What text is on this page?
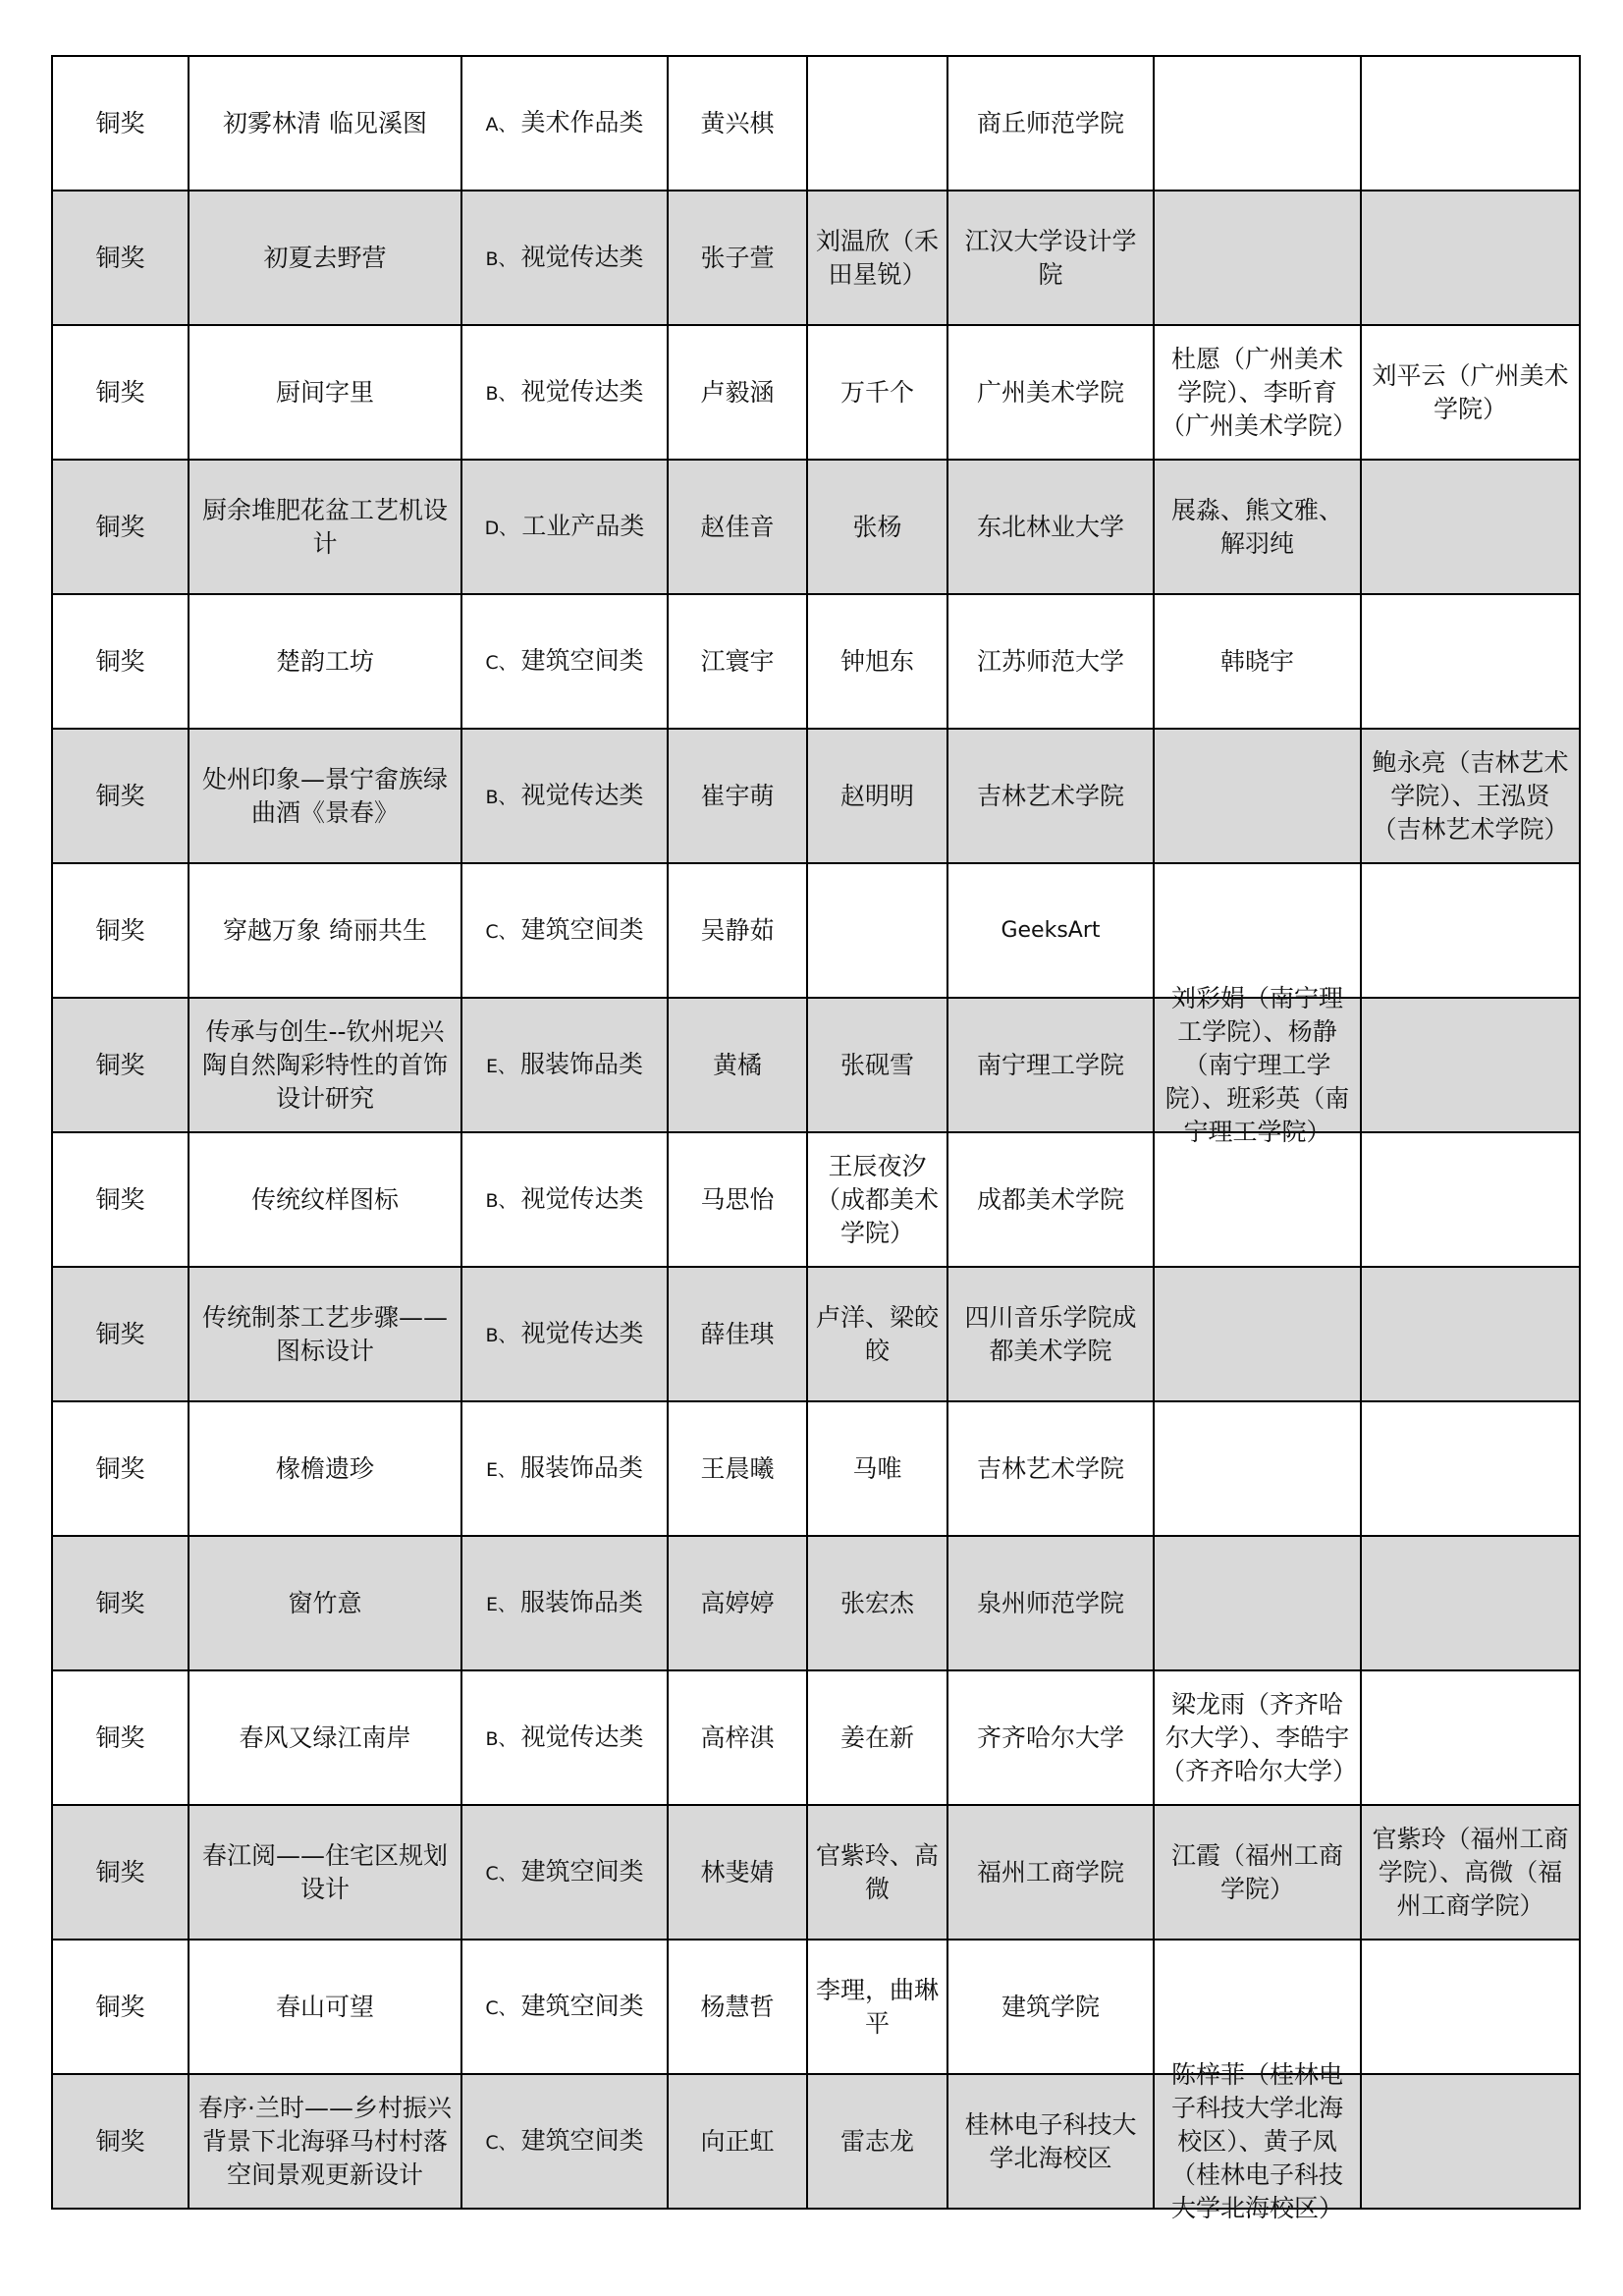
铜奖	初雾林清 临见溪图	A、 美术作品类	黄兴棋		商丘师范学院		

铜奖	初夏去野营	B、 视觉传达类	张子萱	刘温欣（禾田星锐）	江汉大学设计学院		

铜奖	厨间字里	B、 视觉传达类	卢毅涵	万千个	广州美术学院	杜愿（广州美术学院）、李昕育（广州美术学院）	刘平云（广州美术学院）

铜奖	厨余堆肥花盆工艺机设计	D、 工业产品类	赵佳音	张杨	东北林业大学	展淼、熊文雅、解羽纯	

铜奖	楚韵工坊	C、 建筑空间类	江寰宇	钟旭东	江苏师范大学	韩晓宇	

铜奖	处州印象—景宁畲族绿曲酒《景春》	B、 视觉传达类	崔宇萌	赵明明	吉林艺术学院		鲍永亮（吉林艺术学院）、王泓贤（吉林艺术学院）

铜奖	穿越万象 绮丽共生	C、 建筑空间类	吴静茹		GeeksArt		

铜奖	传承与创生--钦州坭兴陶自然陶彩特性的首饰设计研究	E、 服装饰品类	黄橘	张砚雪	南宁理工学院	刘彩娟（南宁理工学院）、杨静（南宁理工学院）、班彩英（南宁理工学院）	

铜奖	传统纹样图标	B、 视觉传达类	马思怡	王辰夜汐（成都美术学院）	成都美术学院		

铜奖	传统制茶工艺步骤——图标设计	B、 视觉传达类	薛佳琪	卢洋、梁皎皎	四川音乐学院成都美术学院		

铜奖	椽檐遗珍	E、 服装饰品类	王晨曦	马唯	吉林艺术学院		

铜奖	窗竹意	E、 服装饰品类	高婷婷	张宏杰	泉州师范学院		

铜奖	春风又绿江南岸	B、 视觉传达类	高梓淇	姜在新	齐齐哈尔大学	梁龙雨（齐齐哈尔大学）、李皓宇（齐齐哈尔大学）	

铜奖	春江阅——住宅区规划设计	C、 建筑空间类	林斐婧	官紫玲、高微	福州工商学院	江霞（福州工商学院）	官紫玲（福州工商学院）、高微（福州工商学院）

铜奖	春山可望	C、 建筑空间类	杨慧哲	李理，曲琳平	建筑学院		

铜奖	春序·兰时——乡村振兴背景下北海驿马村村落空间景观更新设计	C、 建筑空间类	向正虹	雷志龙	桂林电子科技大学北海校区	陈梓菲（桂林电子科技大学北海校区）、黄子凤（桂林电子科技大学北海校区）	
